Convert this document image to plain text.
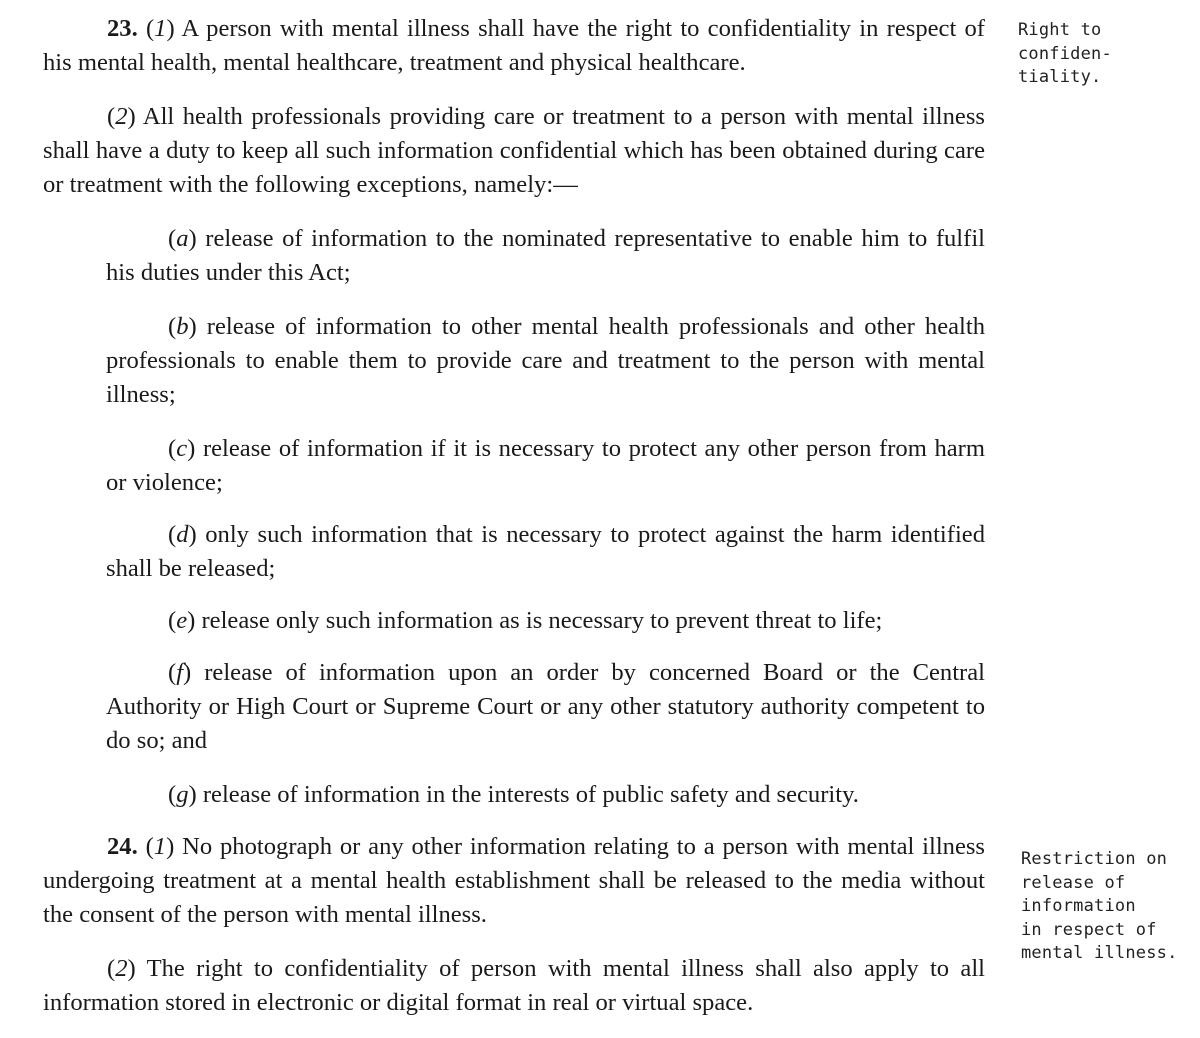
23. (1) A person with mental illness shall have the right to confidentiality in respect of his mental health, mental healthcare, treatment and physical healthcare.

(2) All health professionals providing care or treatment to a person with mental illness shall have a duty to keep all such information confidential which has been obtained during care or treatment with the following exceptions, namely:—

(a) release of information to the nominated representative to enable him to fulfil his duties under this Act;

(b) release of information to other mental health professionals and other health professionals to enable them to provide care and treatment to the person with mental illness;

(c) release of information if it is necessary to protect any other person from harm or violence;

(d) only such information that is necessary to protect against the harm identified shall be released;

(e) release only such information as is necessary to prevent threat to life;

(f) release of information upon an order by concerned Board or the Central Authority or High Court or Supreme Court or any other statutory authority competent to do so; and

(g) release of information in the interests of public safety and security.

24. (1) No photograph or any other information relating to a person with mental illness undergoing treatment at a mental health establishment shall be released to the media without the consent of the person with mental illness.

(2) The right to confidentiality of person with mental illness shall also apply to all information stored in electronic or digital format in real or virtual space.

Right to
confiden-
tiality.
Restriction on
release of
information
in respect of
mental illness.
